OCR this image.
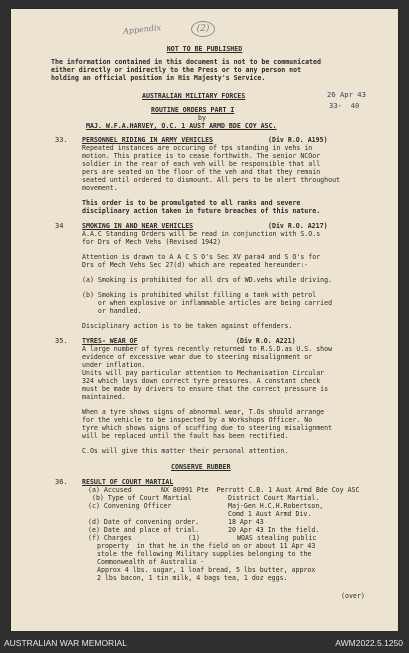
Appendix	(2)
NOT TO BE PUBLISHED
The information contained in this document is not to be communicated
either directly or indirectly to the Press or to any person not
holding an official position in His Majesty's Service.
AUSTRALIAN MILITARY FORCES	26 Apr 43
33-  40
ROUTINE ORDERS PART I
by
MAJ. W.F.A.HARVEY, O.C. 1 AUST ARMD BDE COY ASC.
33. PERSONNEL RIDING IN ARMY VEHICLES	(Div R.O. A195)
Repeated instances are occuring of tps standing in vehs in
motion. This pratice is to cease forthwith. The senior NCOor
soldier in the rear of each veh will be responsible that all
pers are seated on the floor of the veh and that they remain
seated until ordered to dismount. All pers to be alert throughout
movement.
This order is to be promulgated to all ranks and severe
disciplinary action taken in future breaches of this nature.
34	SMOKING IN AND NEAR VEHICLES	(Div R.O. A217)
A.A.C Standing Orders will be read in conjunction with S.O.s
for Drs of Mech Vehs (Revised 1942)
Attention is drawn to A A C S O's Sec XV para4 and S O's for
Drs of Mech Vehs Sec 27(d) which are repeated hereunder:-
(a) Smoking is prohibited for all drs of WD.vehs while driving.
(b) Smoking is prohibited whilst filling a tank with petrol
or when explosive or inflammable articles are being carried
or handled.
Disciplinary action is to be taken against offenders.
35. TYRES- WEAR OF	(Div R.O. A221)
A large number of tyres recently returned to R.S.D.as U.S. show
evidence of excessive wear due to steering misalignment or
under inflation.
Units will pay particular attention to Mechanisation Circular
324 which lays down correct tyre pressures. A constant check
must be made by drivers to ensure that the correct pressure is
maintained.
When a tyre shows signs of abnormal wear, T.Os should arrange
for the vehicle to be inspected by a Workshops Officer. No
tyre which shows signs of scuffing due to steering misalignment
will be replaced until the fault has been rectified.
C.Os will give this matter their personal attention.
CONSERVE RUBBER
36. RESULT OF COURT MARTIAL
(a) Accused	NX 80991 Pte  Perrott C.B. 1 Aust Armd Bde Coy ASC
(b) Type of Court Martial	District Court Martial.
(c) Convening Officer	Maj-Gen H.C.H.Robertson,
Comd 1 Aust Armd Div.
(d) Date of convening order.	18 Apr 43
(e) Date and place of trial.	20 Apr 43 In the field.
(f) Charges	(1)	WOAS stealing public
property  in that he in the field on or about 11 Apr 43
stole the following Military supplies belonging to the
Commonwealth of Australia -
Approx 4 lbs. sugar, 1 loaf bread, 5 lbs butter, approx
2 lbs bacon, 1 tin milk, 4 bags tea, 1 doz eggs.
(over)
AUSTRALIAN WAR MEMORIAL	AWM2022.5.1250
